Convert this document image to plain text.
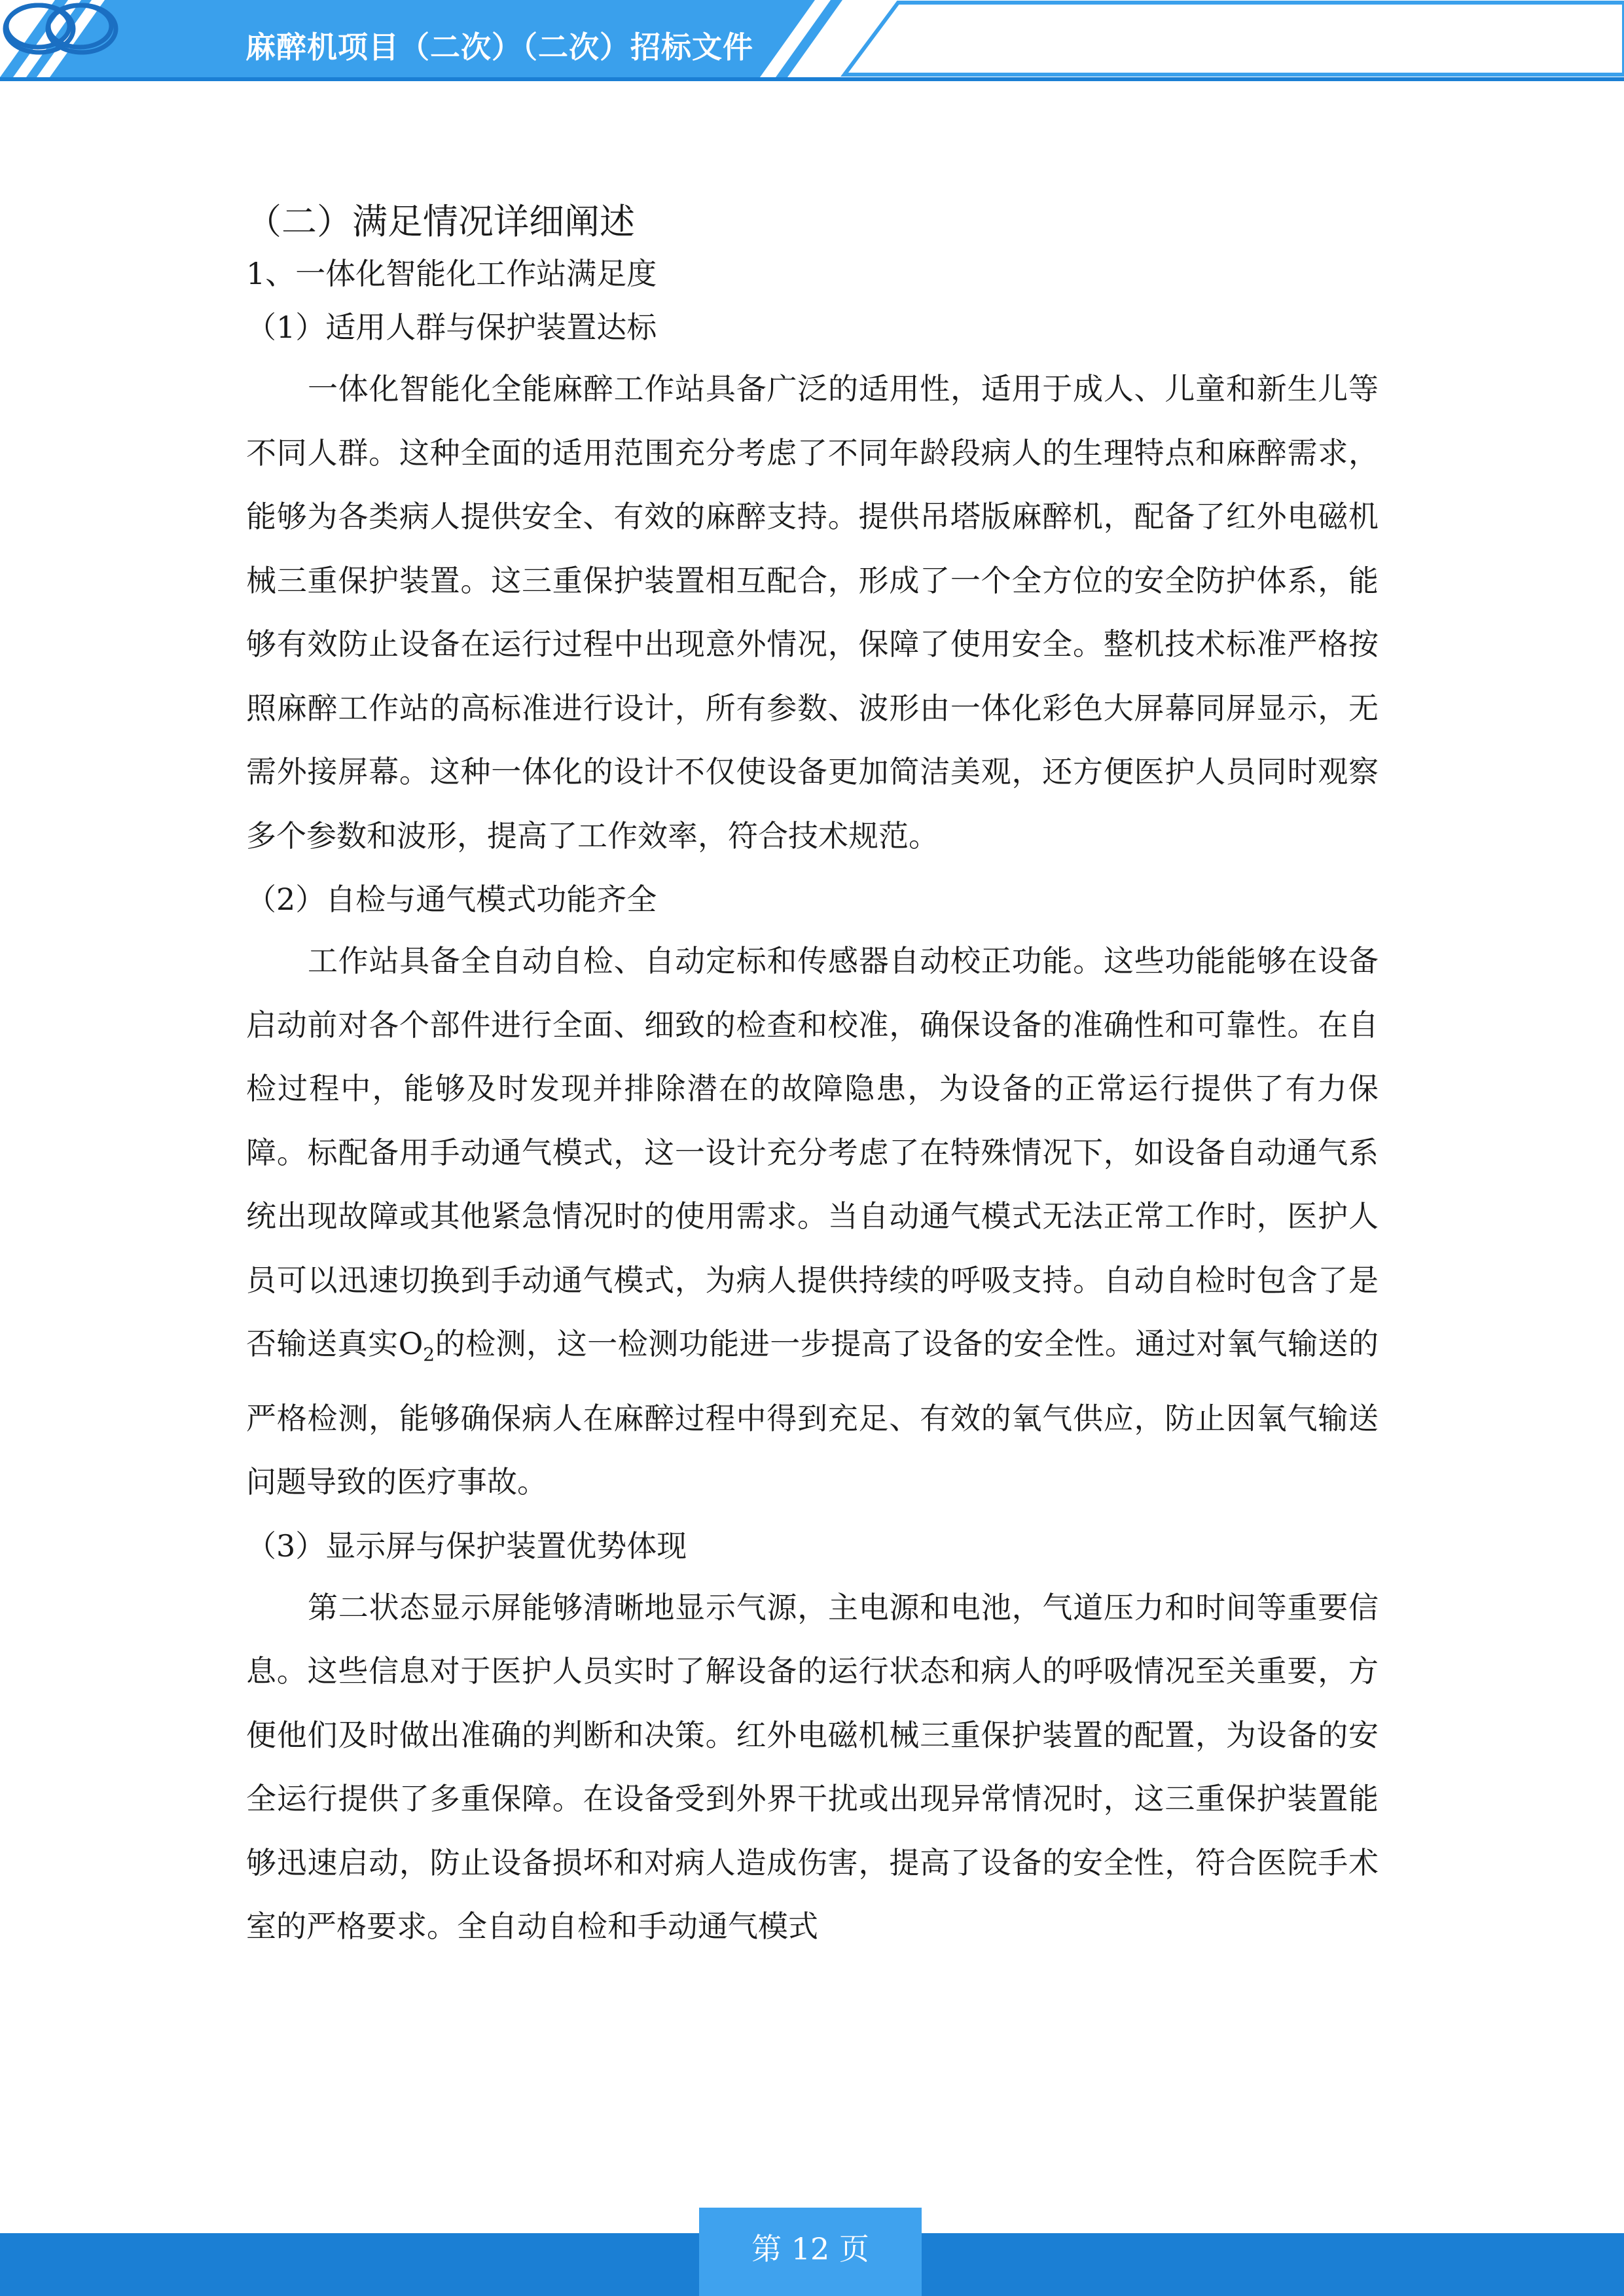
麻醉机项目（二次）（二次）招标文件
（二）满足情况详细阐述
1、一体化智能化工作站满足度
（1）适用人群与保护装置达标

一体化智能化全能麻醉工作站具备广泛的适用性，适用于成人、儿童和新生儿等不同人群。这种全面的适用范围充分考虑了不同年龄段病人的生理特点和麻醉需求，能够为各类病人提供安全、有效的麻醉支持。提供吊塔版麻醉机，配备了红外电磁机械三重保护装置。这三重保护装置相互配合，形成了一个全方位的安全防护体系，能够有效防止设备在运行过程中出现意外情况，保障了使用安全。整机技术标准严格按照麻醉工作站的高标准进行设计，所有参数、波形由一体化彩色大屏幕同屏显示，无需外接屏幕。这种一体化的设计不仅使设备更加简洁美观，还方便医护人员同时观察多个参数和波形，提高了工作效率，符合技术规范。

（2）自检与通气模式功能齐全

工作站具备全自动自检、自动定标和传感器自动校正功能。这些功能能够在设备启动前对各个部件进行全面、细致的检查和校准，确保设备的准确性和可靠性。在自检过程中，能够及时发现并排除潜在的故障隐患，为设备的正常运行提供了有力保障。标配备用手动通气模式，这一设计充分考虑了在特殊情况下，如设备自动通气系统出现故障或其他紧急情况时的使用需求。当自动通气模式无法正常工作时，医护人员可以迅速切换到手动通气模式，为病人提供持续的呼吸支持。自动自检时包含了是否输送真实$O_2$的检测，这一检测功能进一步提高了设备的安全性。通过对氧气输送的严格检测，能够确保病人在麻醉过程中得到充足、有效的氧气供应，防止因氧气输送问题导致的医疗事故。

（3）显示屏与保护装置优势体现

第二状态显示屏能够清晰地显示气源，主电源和电池，气道压力和时间等重要信息。这些信息对于医护人员实时了解设备的运行状态和病人的呼吸情况至关重要，方便他们及时做出准确的判断和决策。红外电磁机械三重保护装置的配置，为设备的安全运行提供了多重保障。在设备受到外界干扰或出现异常情况时，这三重保护装置能够迅速启动，防止设备损坏和对病人造成伤害，提高了设备的安全性，符合医院手术室的严格要求。全自动自检和手动通气模式

第 12 页
